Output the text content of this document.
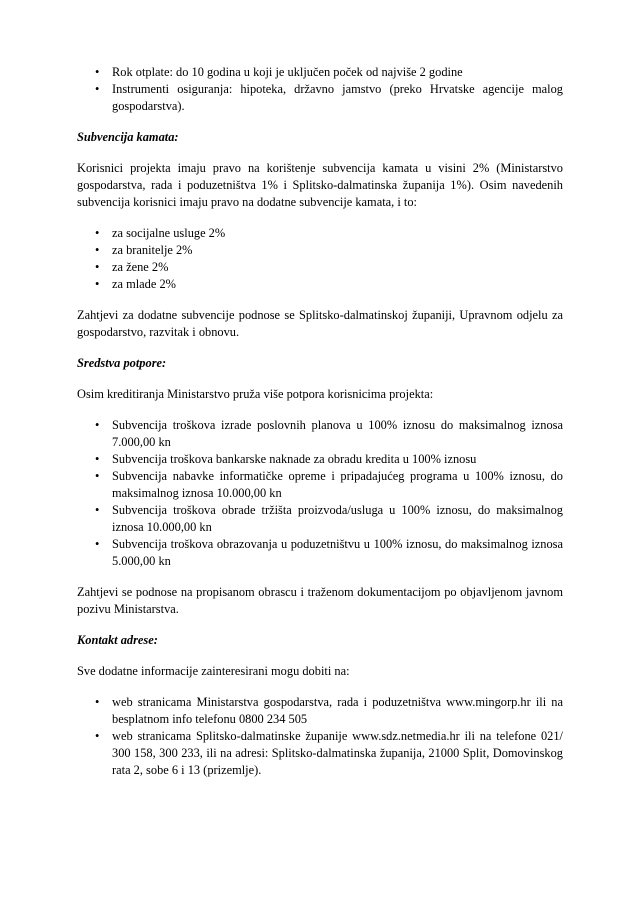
• Rok otplate: do 10 godina u koji je uključen poček od najviše 2 godine
• Instrumenti osiguranja: hipoteka, državno jamstvo (preko Hrvatske agencije malog gospodarstva).

Subvencija kamata:

Korisnici projekta imaju pravo na korištenje subvencija kamata u visini 2% (Ministarstvo gospodarstva, rada i poduzetništva 1% i Splitsko-dalmatinska županija 1%). Osim navedenih subvencija korisnici imaju pravo na dodatne subvencije kamata, i to:

• za socijalne usluge 2%
• za branitelje 2%
• za žene 2%
• za mlade 2%

Zahtjevi za dodatne subvencije podnose se Splitsko-dalmatinskoj županiji, Upravnom odjelu za gospodarstvo, razvitak i obnovu.

Sredstva potpore:

Osim kreditiranja Ministarstvo pruža više potpora korisnicima projekta:

• Subvencija troškova izrade poslovnih planova u 100% iznosu do maksimalnog iznosa 7.000,00 kn
• Subvencija troškova bankarske naknade za obradu kredita u 100% iznosu
• Subvencija nabavke informatičke opreme i pripadajućeg programa u 100% iznosu, do maksimalnog iznosa 10.000,00 kn
• Subvencija troškova obrade tržišta proizvoda/usluga u 100% iznosu, do maksimalnog iznosa 10.000,00 kn
• Subvencija troškova obrazovanja u poduzetništvu u 100% iznosu, do maksimalnog iznosa 5.000,00 kn

Zahtjevi se podnose na propisanom obrascu i traženom dokumentacijom po objavljenom javnom pozivu Ministarstva.

Kontakt adrese:

Sve dodatne informacije zainteresirani mogu dobiti na:

• web stranicama Ministarstva gospodarstva, rada i poduzetništva www.mingorp.hr ili na besplatnom info telefonu 0800 234 505
• web stranicama Splitsko-dalmatinske županije www.sdz.netmedia.hr ili na telefone 021/ 300 158, 300 233, ili na adresi: Splitsko-dalmatinska županija, 21000 Split, Domovinskog rata 2, sobe 6 i 13 (prizemlje).
